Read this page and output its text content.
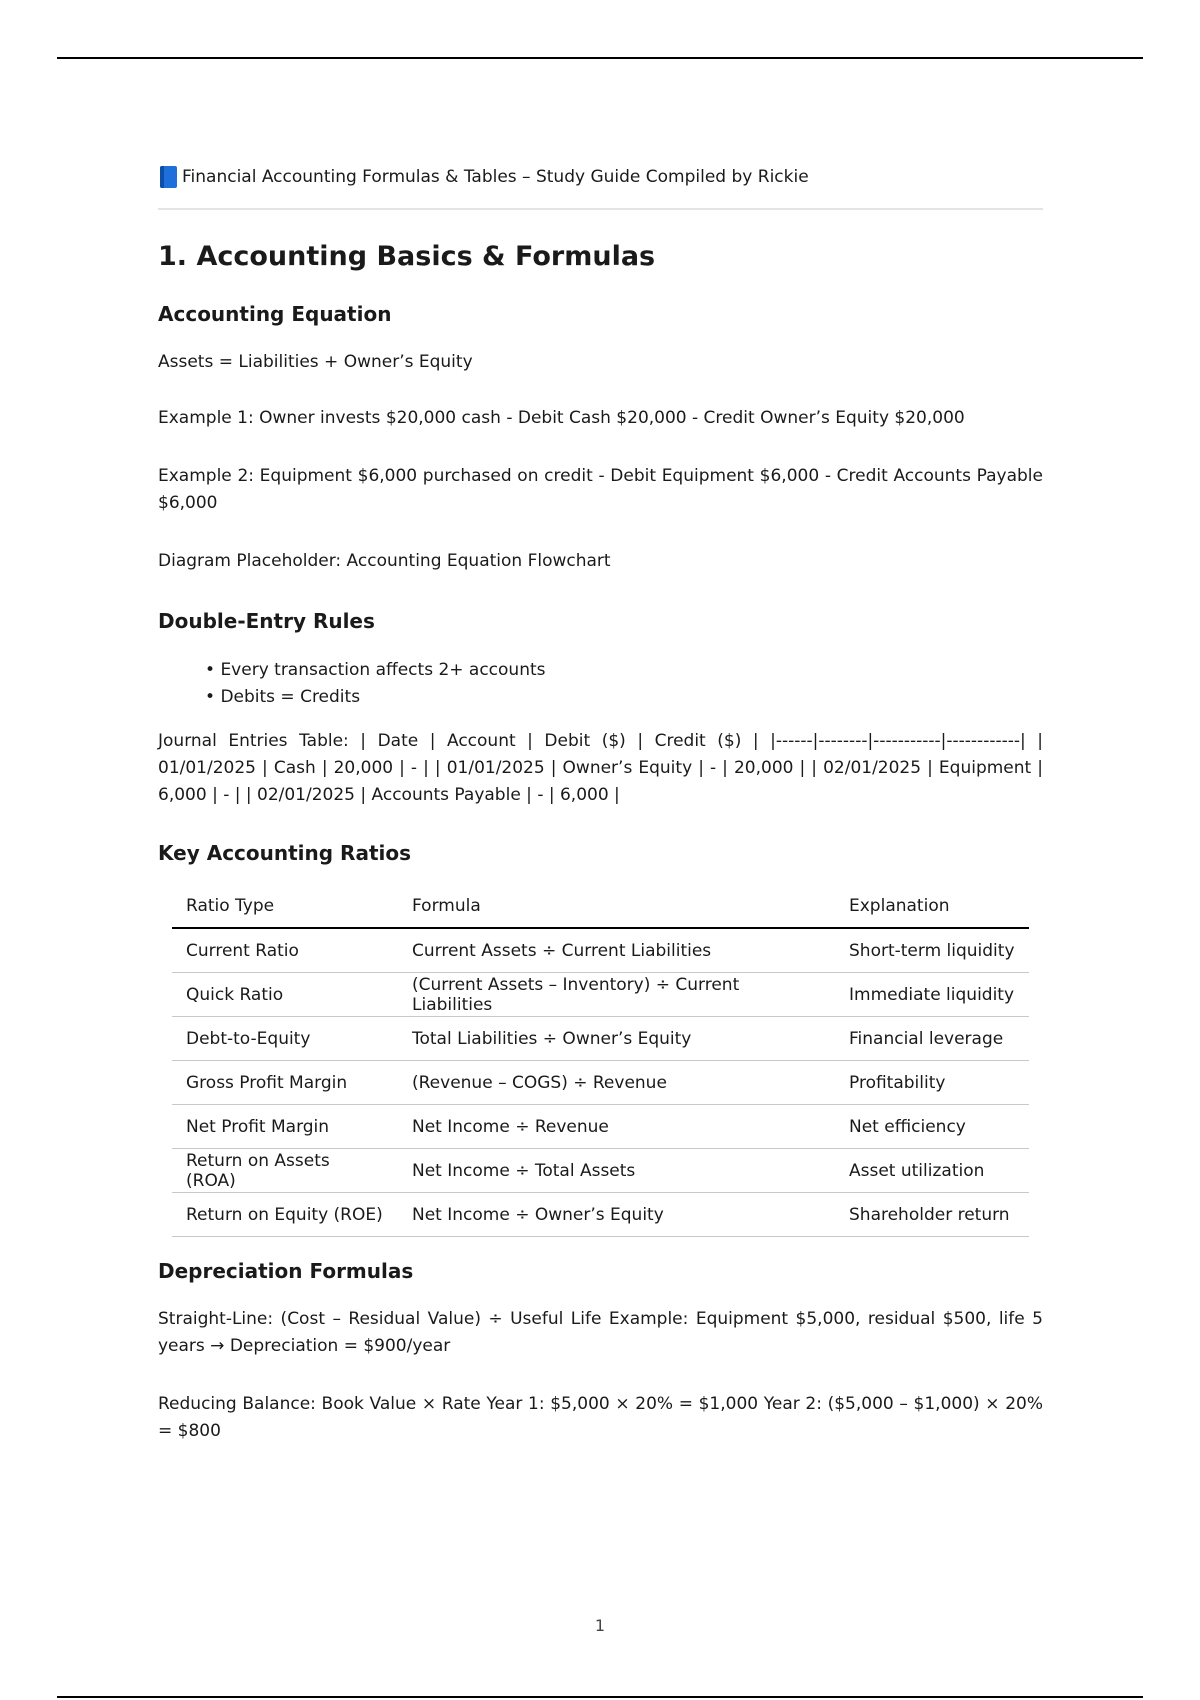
Financial Accounting Formulas & Tables – Study Guide Compiled by Rickie
1. Accounting Basics & Formulas
Accounting Equation

Assets = Liabilities + Owner’s Equity

Example 1: Owner invests $20,000 cash - Debit Cash $20,000 - Credit Owner’s Equity $20,000

Example 2: Equipment $6,000 purchased on credit - Debit Equipment $6,000 - Credit Accounts Payable $6,000

Diagram Placeholder: Accounting Equation Flowchart

Double-Entry Rules
• Every transaction affects 2+ accounts
• Debits = Credits

Journal Entries Table: | Date | Account | Debit ($) | Credit ($) | |------|--------|-----------|------------| | 01/01/2025 | Cash | 20,000 | - | | 01/01/2025 | Owner’s Equity | - | 20,000 | | 02/01/2025 | Equipment | 6,000 | - | | 02/01/2025 | Accounts Payable | - | 6,000 |

Key Accounting Ratios
Ratio Type	Formula	Explanation
Current Ratio	Current Assets ÷ Current Liabilities	Short-term liquidity
Quick Ratio	(Current Assets – Inventory) ÷ Current Liabilities	Immediate liquidity
Debt-to-Equity	Total Liabilities ÷ Owner’s Equity	Financial leverage
Gross Profit Margin	(Revenue – COGS) ÷ Revenue	Profitability
Net Profit Margin	Net Income ÷ Revenue	Net efficiency
Return on Assets (ROA)	Net Income ÷ Total Assets	Asset utilization
Return on Equity (ROE)	Net Income ÷ Owner’s Equity	Shareholder return
Depreciation Formulas

Straight-Line: (Cost – Residual Value) ÷ Useful Life Example: Equipment $5,000, residual $500, life 5 years → Depreciation = $900/year

Reducing Balance: Book Value × Rate Year 1: $5,000 × 20% = $1,000 Year 2: ($5,000 – $1,000) × 20% = $800

1
